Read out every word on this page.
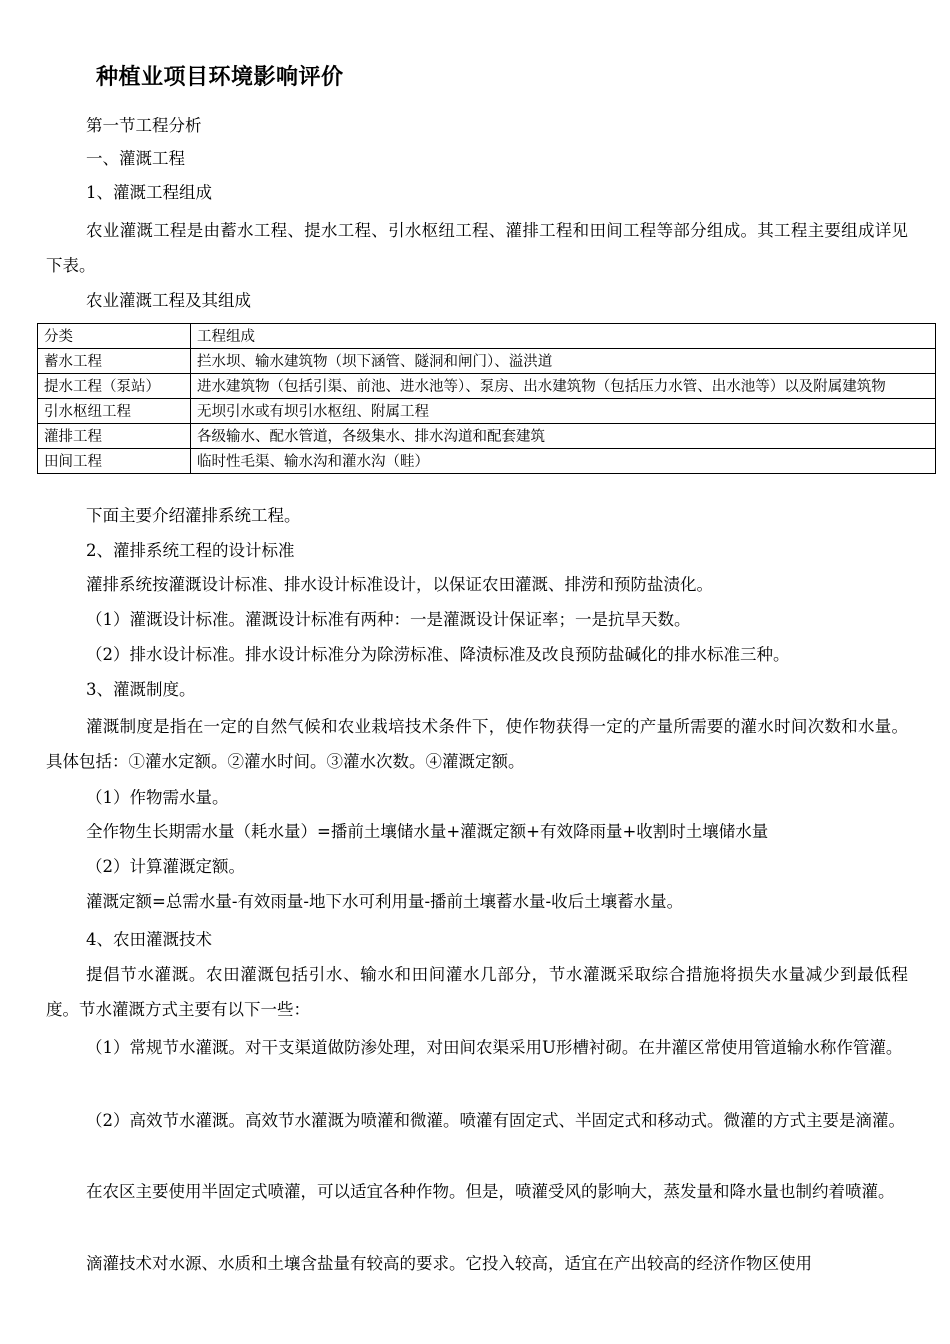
种植业项目环境影响评价
第一节工程分析
一、灌溉工程
1、灌溉工程组成
农业灌溉工程是由蓄水工程、提水工程、引水枢纽工程、灌排工程和田间工程等部分组成。其工程主要组成详见下表。
农业灌溉工程及其组成
分类	工程组成
蓄水工程	拦水坝、输水建筑物（坝下涵管、隧洞和闸门）、溢洪道
提水工程（泵站）	进水建筑物（包括引渠、前池、进水池等）、泵房、出水建筑物（包括压力水管、出水池等）以及附属建筑物
引水枢纽工程	无坝引水或有坝引水枢纽、附属工程
灌排工程	各级输水、配水管道，各级集水、排水沟道和配套建筑
田间工程	临时性毛渠、输水沟和灌水沟（畦）
下面主要介绍灌排系统工程。
2、灌排系统工程的设计标准
灌排系统按灌溉设计标准、排水设计标准设计，以保证农田灌溉、排涝和预防盐渍化。
（1）灌溉设计标准。灌溉设计标准有两种：一是灌溉设计保证率；一是抗旱天数。
（2）排水设计标准。排水设计标准分为除涝标准、降渍标准及改良预防盐碱化的排水标准三种。
3、灌溉制度。
灌溉制度是指在一定的自然气候和农业栽培技术条件下，使作物获得一定的产量所需要的灌水时间次数和水量。具体包括：①灌水定额。②灌水时间。③灌水次数。④灌溉定额。
（1）作物需水量。
全作物生长期需水量（耗水量）=播前土壤储水量+灌溉定额+有效降雨量+收割时土壤储水量
（2）计算灌溉定额。
灌溉定额=总需水量-有效雨量-地下水可利用量-播前土壤蓄水量-收后土壤蓄水量。
4、农田灌溉技术
提倡节水灌溉。农田灌溉包括引水、输水和田间灌水几部分，节水灌溉采取综合措施将损失水量减少到最低程度。节水灌溉方式主要有以下一些：
（1）常规节水灌溉。对干支渠道做防渗处理，对田间农渠采用U形槽衬砌。在井灌区常使用管道输水称作管灌。
（2）高效节水灌溉。高效节水灌溉为喷灌和微灌。喷灌有固定式、半固定式和移动式。微灌的方式主要是滴灌。
在农区主要使用半固定式喷灌，可以适宜各种作物。但是，喷灌受风的影响大，蒸发量和降水量也制约着喷灌。
滴灌技术对水源、水质和土壤含盐量有较高的要求。它投入较高，适宜在产出较高的经济作物区使用
